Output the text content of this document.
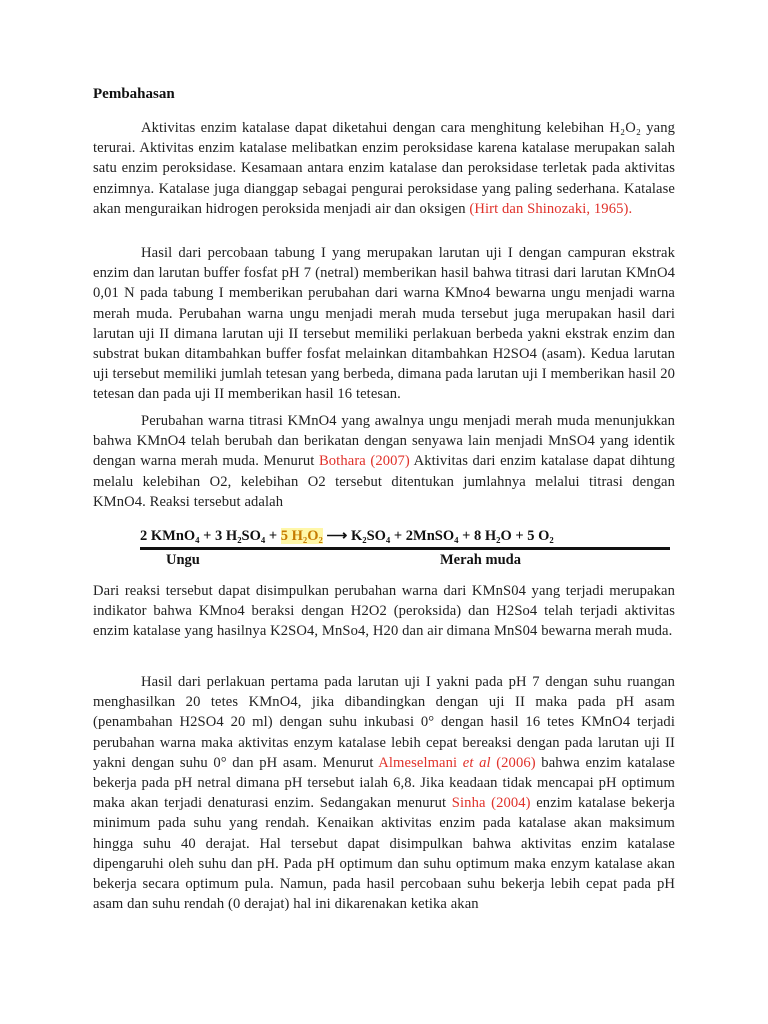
Pembahasan

Aktivitas enzim katalase dapat diketahui dengan cara menghitung kelebihan H₂O₂ yang terurai. Aktivitas enzim katalase melibatkan enzim peroksidase karena katalase merupakan salah satu enzim peroksidase. Kesamaan antara enzim katalase dan peroksidase terletak pada aktivitas enzimnya. Katalase juga dianggap sebagai pengurai peroksidase yang paling sederhana. Katalase akan menguraikan hidrogen peroksida menjadi air dan oksigen (Hirt dan Shinozaki, 1965).

Hasil dari percobaan tabung I yang merupakan larutan uji I dengan campuran ekstrak enzim dan larutan buffer fosfat pH 7 (netral) memberikan hasil bahwa titrasi dari larutan KMnO4 0,01 N pada tabung I memberikan perubahan dari warna KMno4 bewarna ungu menjadi warna merah muda. Perubahan warna ungu menjadi merah muda tersebut juga merupakan hasil dari larutan uji II dimana larutan uji II tersebut memiliki perlakuan berbeda yakni ekstrak enzim dan substrat bukan ditambahkan buffer fosfat melainkan ditambahkan H2SO4 (asam). Kedua larutan uji tersebut memiliki jumlah tetesan yang berbeda, dimana pada larutan uji I memberikan hasil 20 tetesan dan pada uji II memberikan hasil 16 tetesan.

Perubahan warna titrasi KMnO4 yang awalnya ungu menjadi merah muda menunjukkan bahwa KMnO4 telah berubah dan berikatan dengan senyawa lain menjadi MnSO4 yang identik dengan warna merah muda. Menurut Bothara (2007) Aktivitas dari enzim katalase dapat dihtung melalu kelebihan O2, kelebihan O2 tersebut ditentukan jumlahnya melalui titrasi dengan KMnO4. Reaksi tersebut adalah

2 KMnO₄ + 3 H₂SO₄ + 5 H₂O₂ ⟶ K₂SO₄ + 2MnSO₄ + 8 H₂O + 5 O₂
Ungu	Merah muda

Dari reaksi tersebut dapat disimpulkan perubahan warna dari KMnS04 yang terjadi merupakan indikator bahwa KMno4 beraksi dengan H2O2 (peroksida) dan H2So4 telah terjadi aktivitas enzim katalase yang hasilnya K2SO4, MnSo4, H20 dan air dimana MnS04 bewarna merah muda.

Hasil dari perlakuan pertama pada larutan uji I yakni pada pH 7 dengan suhu ruangan menghasilkan 20 tetes KMnO4, jika dibandingkan dengan uji II maka pada pH asam (penambahan H2SO4 20 ml) dengan suhu inkubasi 0° dengan hasil 16 tetes KMnO4 terjadi perubahan warna maka aktivitas enzym katalase lebih cepat bereaksi dengan pada larutan uji II yakni dengan suhu 0° dan pH asam. Menurut Almeselmani et al (2006) bahwa enzim katalase bekerja pada pH netral dimana pH tersebut ialah 6,8. Jika keadaan tidak mencapai pH optimum maka akan terjadi denaturasi enzim. Sedangakan menurut Sinha (2004) enzim katalase bekerja minimum pada suhu yang rendah. Kenaikan aktivitas enzim pada katalase akan maksimum hingga suhu 40 derajat. Hal tersebut dapat disimpulkan bahwa aktivitas enzim katalase dipengaruhi oleh suhu dan pH. Pada pH optimum dan suhu optimum maka enzym katalase akan bekerja secara optimum pula. Namun, pada hasil percobaan suhu bekerja lebih cepat pada pH asam dan suhu rendah (0 derajat) hal ini dikarenakan ketika akan
